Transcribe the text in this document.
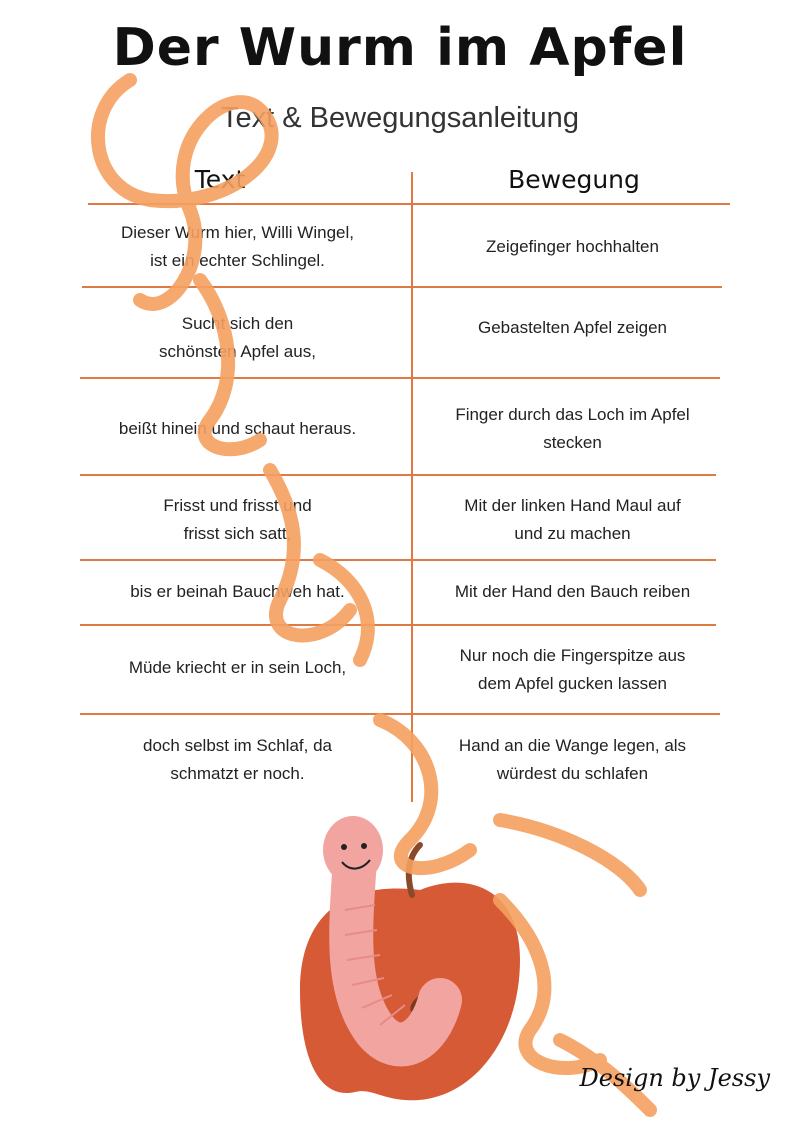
Der Wurm im Apfel
Text & Bewegungsanleitung
Text	Bewegung
Dieser Wurm hier, Willi Wingel,
ist ein echter Schlingel.
Zeigefinger hochhalten
Sucht sich den
schönsten Apfel aus,
Gebastelten Apfel zeigen
beißt hinein und schaut heraus.
Finger durch das Loch im Apfel
stecken
Frisst und frisst und
frisst sich satt,
Mit der linken Hand Maul auf
und zu machen
bis er beinah Bauchweh hat.	Mit der Hand den Bauch reiben
Müde kriecht er in sein Loch,
Nur noch die Fingerspitze aus
dem Apfel gucken lassen
doch selbst im Schlaf, da
schmatzt er noch.
Hand an die Wange legen, als
würdest du schlafen
Design by Jessy
